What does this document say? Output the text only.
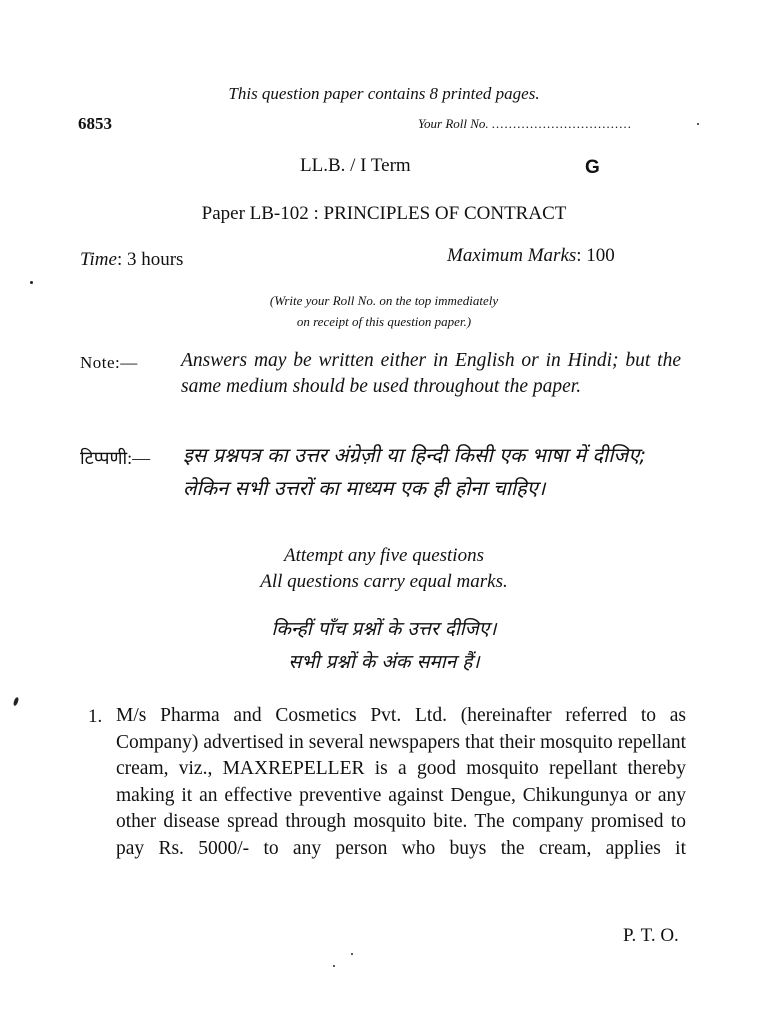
This question paper contains 8 printed pages.
6853	Your Roll No. .................................
LL.B. / I Term	G
Paper LB-102 : PRINCIPLES OF CONTRACT
Time: 3 hours	Maximum Marks: 100
(Write your Roll No. on the top immediately
on receipt of this question paper.)
Note:— Answers may be written either in English or in Hindi; but the same medium should be used throughout the paper.
टिप्पणी:— इस प्रश्नपत्र का उत्तर अंग्रेज़ी या हिन्दी किसी एक भाषा में दीजिए; लेकिन सभी उत्तरों का माध्यम एक ही होना चाहिए।
Attempt any five questions
All questions carry equal marks.
किन्हीं पाँच प्रश्नों के उत्तर दीजिए।
सभी प्रश्नों के अंक समान हैं।
1. M/s Pharma and Cosmetics Pvt. Ltd. (hereinafter referred to as Company) advertised in several newspapers that their mosquito repellant cream, viz., MAXREPELLER is a good mosquito repellant thereby making it an effective preventive against Dengue, Chikungunya or any other disease spread through mosquito bite. The company promised to pay Rs. 5000/- to any person who buys the cream, applies it
P. T. O.
